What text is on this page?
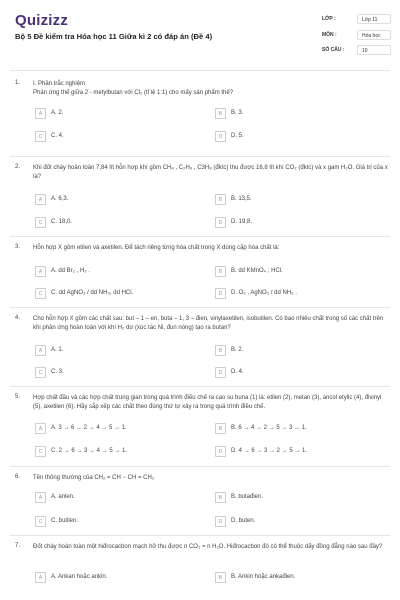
Quizizz
Bộ 5 Đề kiểm tra Hóa học 11 Giữa kì 2 có đáp án (Đề 4)
LỚP :	Lớp 11
MÔN :	Hóa học
SỐ CÂU :	10
1. I. Phần trắc nghiệm
Phản ứng thế giữa 2 - metylbutan với Cl₂ (tỉ lệ 1:1) cho mấy sản phẩm thế?
A	A. 2.	B	B. 3.
C	C. 4.	D	D. 5.
2. Khi đốt cháy hoàn toàn 7,84 lít hỗn hợp khí gồm CH₄ , C₂H₆ , C3H₈ (đktc) thu được 16,8 lít khí CO₂ (đktc) và x gam H₂O. Giá trị của x là?
A	A. 6,3.	B	B. 13,5.
C	C. 18,0.	D	D. 19,8.
3. Hỗn hợp X gồm etilen và axetilen. Để tách riêng từng hóa chất trong X dùng cặp hóa chất là:
A	A. dd Br₂ , H₂ .	B	B. dd KMnO₄ ; HCl.
C	C. dd AgNO₃ / dd NH₃, dd HCl.	D	D. O₂ , AgNO₃ / dd NH₃ .
4. Cho hỗn hợp X gồm các chất sau: but – 1 – en, buta – 1, 3 – đien, vinylaxetilen, isobutilen. Có bao nhiêu chất trong số các chất trên khi phản ứng hoàn toàn với khí H₂ dư (xúc tác Ni, đun nóng) tạo ra butan?
A	A. 1.	B	B. 2.
C	C. 3.	D	D. 4.
5. Hợp chất đầu và các hợp chất trung gian trong quá trình điều chế ra cao su buna (1) là: etilen (2), metan (3), ancol etylic (4), đivinyl (5), axetilen (6). Hãy sắp xếp các chất theo đúng thứ tự xảy ra trong quá trình điều chế.
A	A. 3 → 6 → 2 → 4 → 5 → 1.	B	B. 6 → 4 → 2 → 5 → 3 → 1.
C	C. 2 → 6 → 3 → 4 → 5 → 1.	D	D. 4 → 6 → 3 → 2 → 5 → 1.
6. Tên thông thường của CH₂ = CH − CH = CH₂
A	A. anlen.	B	B. butađien.
C	C. butilen.	D	D. buten.
7. Đốt cháy hoàn toàn một hiđrocacbon mạch hở thu được n CO₂ = n H₂O. Hiđrocacbon đó có thể thuộc dãy đồng đẳng nào sau đây?
A	A. Ankan hoặc ankin.	B	B. Ankin hoặc ankađien.
